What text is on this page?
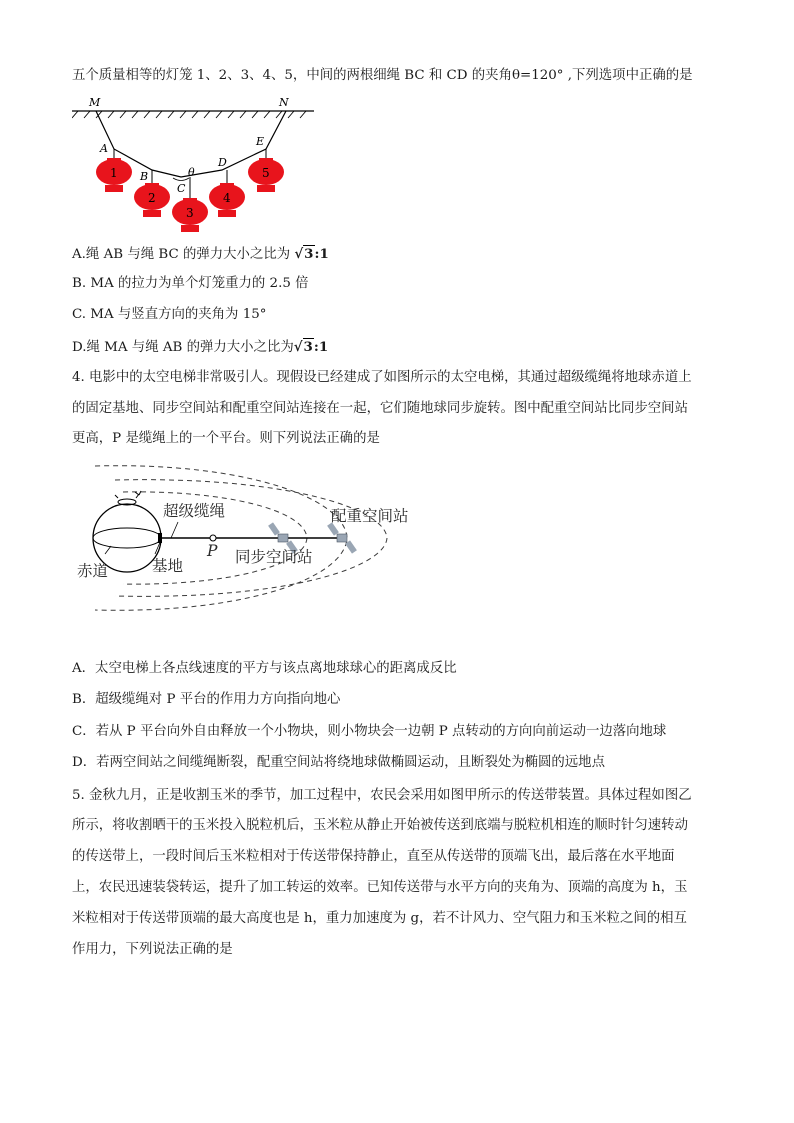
五个质量相等的灯笼 1、2、3、4、5，中间的两根细绳 BC 和 CD 的夹角θ=120° ,下列选项中正确的是
M	N
A
B
C
θ
D
E
1
2
3
4
5
A.绳 AB 与绳 BC 的弹力大小之比为 √3:1
B. MA 的拉力为单个灯笼重力的 2.5 倍
C. MA 与竖直方向的夹角为 15°
D.绳 MA 与绳 AB 的弹力大小之比为√3:1
4. 电影中的太空电梯非常吸引人。现假设已经建成了如图所示的太空电梯，其通过超级缆绳将地球赤道上
的固定基地、同步空间站和配重空间站连接在一起，它们随地球同步旋转。图中配重空间站比同步空间站
更高，P 是缆绳上的一个平台。则下列说法正确的是
超级缆绳	配重空间站
同步空间站
赤道	基地
P
A．太空电梯上各点线速度的平方与该点离地球球心的距离成反比
B．超级缆绳对 P 平台的作用力方向指向地心
C．若从 P 平台向外自由释放一个小物块，则小物块会一边朝 P 点转动的方向向前运动一边落向地球
D．若两空间站之间缆绳断裂，配重空间站将绕地球做椭圆运动，且断裂处为椭圆的远地点
5. 金秋九月，正是收割玉米的季节，加工过程中，农民会采用如图甲所示的传送带装置。具体过程如图乙
所示，将收割晒干的玉米投入脱粒机后，玉米粒从静止开始被传送到底端与脱粒机相连的顺时针匀速转动
的传送带上，一段时间后玉米粒相对于传送带保持静止，直至从传送带的顶端飞出，最后落在水平地面
上，农民迅速装袋转运，提升了加工转运的效率。已知传送带与水平方向的夹角为、顶端的高度为 h，玉
米粒相对于传送带顶端的最大高度也是 h，重力加速度为 g，若不计风力、空气阻力和玉米粒之间的相互
作用力，下列说法正确的是
